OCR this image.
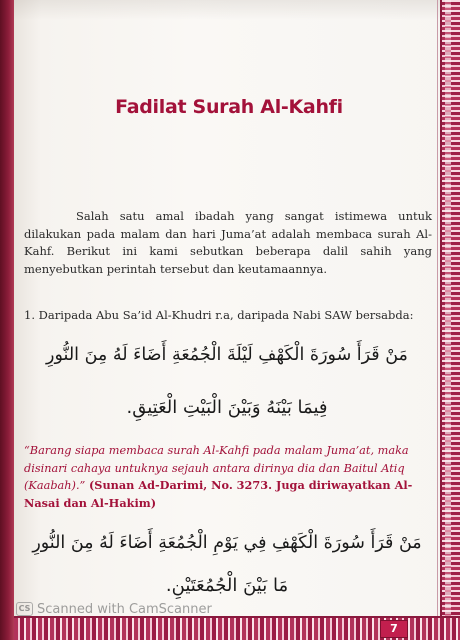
Fadilat Surah Al-Kahfi
Salah satu amal ibadah yang sangat istimewa untuk dilakukan pada malam dan hari Juma’at adalah membaca surah Al-Kahf. Berikut ini kami sebutkan beberapa dalil sahih yang menyebutkan perintah tersebut dan keutamaannya.
1. Daripada Abu Sa’id Al-Khudri r.a, daripada Nabi SAW bersabda:
مَنْ قَرَأَ سُورَةَ الْكَهْفِ لَيْلَةَ الْجُمُعَةِ أَضَاءَ لَهُ مِنَ النُّورِ
فِيمَا بَيْنَهُ وَبَيْنَ الْبَيْتِ الْعَتِيقِ.
“Barang siapa membaca surah Al-Kahfi pada malam Juma’at, maka disinari cahaya untuknya sejauh antara dirinya dia dan Baitul Atiq (Kaabah).” (Sunan Ad-Darimi, No. 3273. Juga diriwayatkan Al-Nasai dan Al-Hakim)
مَنْ قَرَأَ سُورَةَ الْكَهْفِ فِي يَوْمِ الْجُمُعَةِ أَضَاءَ لَهُ مِنَ النُّورِ
مَا بَيْنَ الْجُمُعَتَيْنِ.
CS Scanned with CamScanner
7
